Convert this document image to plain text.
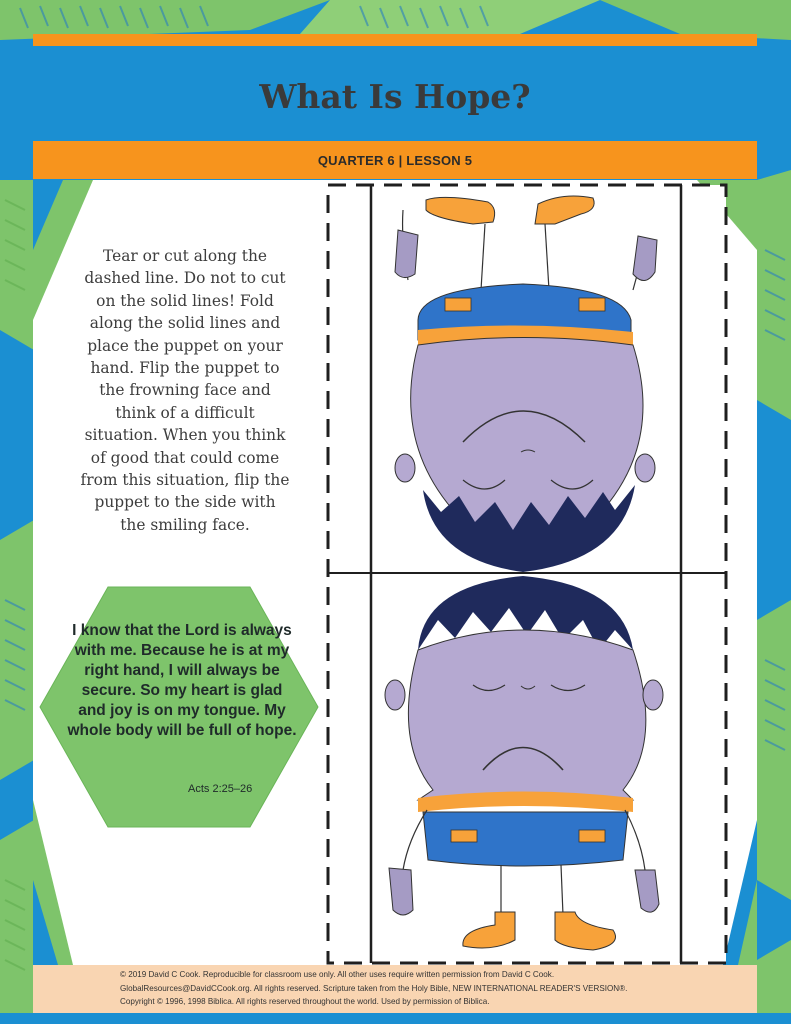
What Is Hope?
QUARTER 6 | LESSON 5
Tear or cut along the dashed line. Do not to cut on the solid lines! Fold along the solid lines and place the puppet on your hand. Flip the puppet to the frowning face and think of a difficult situation. When you think of good that could come from this situation, flip the puppet to the side with the smiling face.
I know that the Lord is always with me. Because he is at my right hand, I will always be secure. So my heart is glad and joy is on my tongue. My whole body will be full of hope.
Acts 2:25–26
© 2019 David C Cook. Reproducible for classroom use only. All other uses require written permission from David C Cook.
GlobalResources@DavidCCook.org. All rights reserved. Scripture taken from the Holy Bible, NEW INTERNATIONAL READER'S VERSION®.
Copyright © 1996, 1998 Biblica. All rights reserved throughout the world. Used by permission of Biblica.
